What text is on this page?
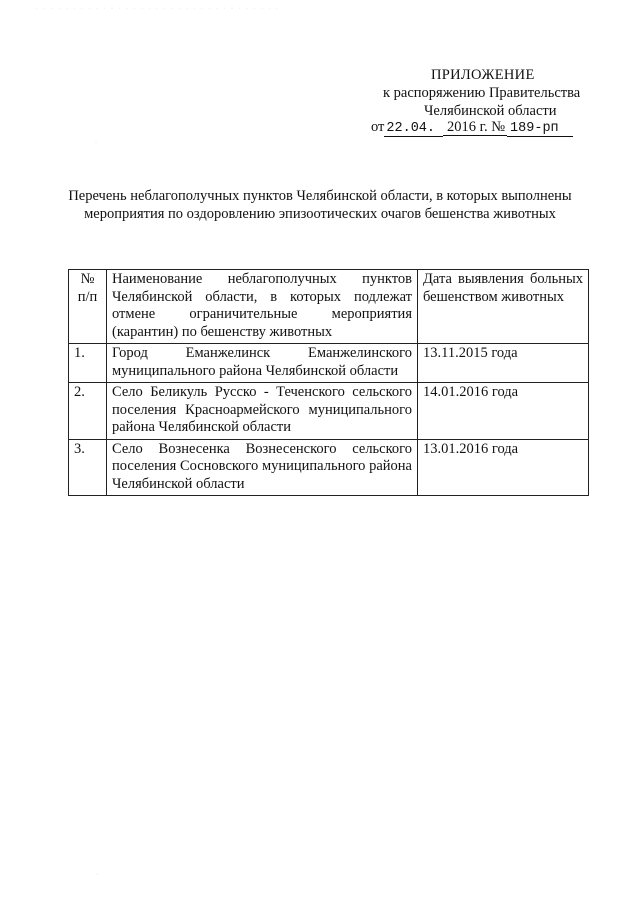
· · · · · · · · · · · · · · · · · · · · · · · · · · · · · · · · ·
·
·
ПРИЛОЖЕНИЕ
к распоряжению Правительства
Челябинской области
от 22.04. 2016 г. № 189-рп
Перечень неблагополучных пунктов Челябинской области, в которых выполнены мероприятия по оздоровлению эпизоотических очагов бешенства животных
№ п/п	Наименование неблагополучных пунктов Челябинской области, в которых подлежат отмене ограничительные мероприятия (карантин) по бешенству животных	Дата выявления больных бешенством животных
1.	Город Еманжелинск Еманжелинского муниципального района Челябинской области	13.11.2015 года
2.	Село Беликуль Русско - Теченского сельского поселения Красноармейского муниципального района Челябинской области	14.01.2016 года
3.	Село Вознесенка Вознесенского сельского поселения Сосновского муниципального района Челябинской области	13.01.2016 года
